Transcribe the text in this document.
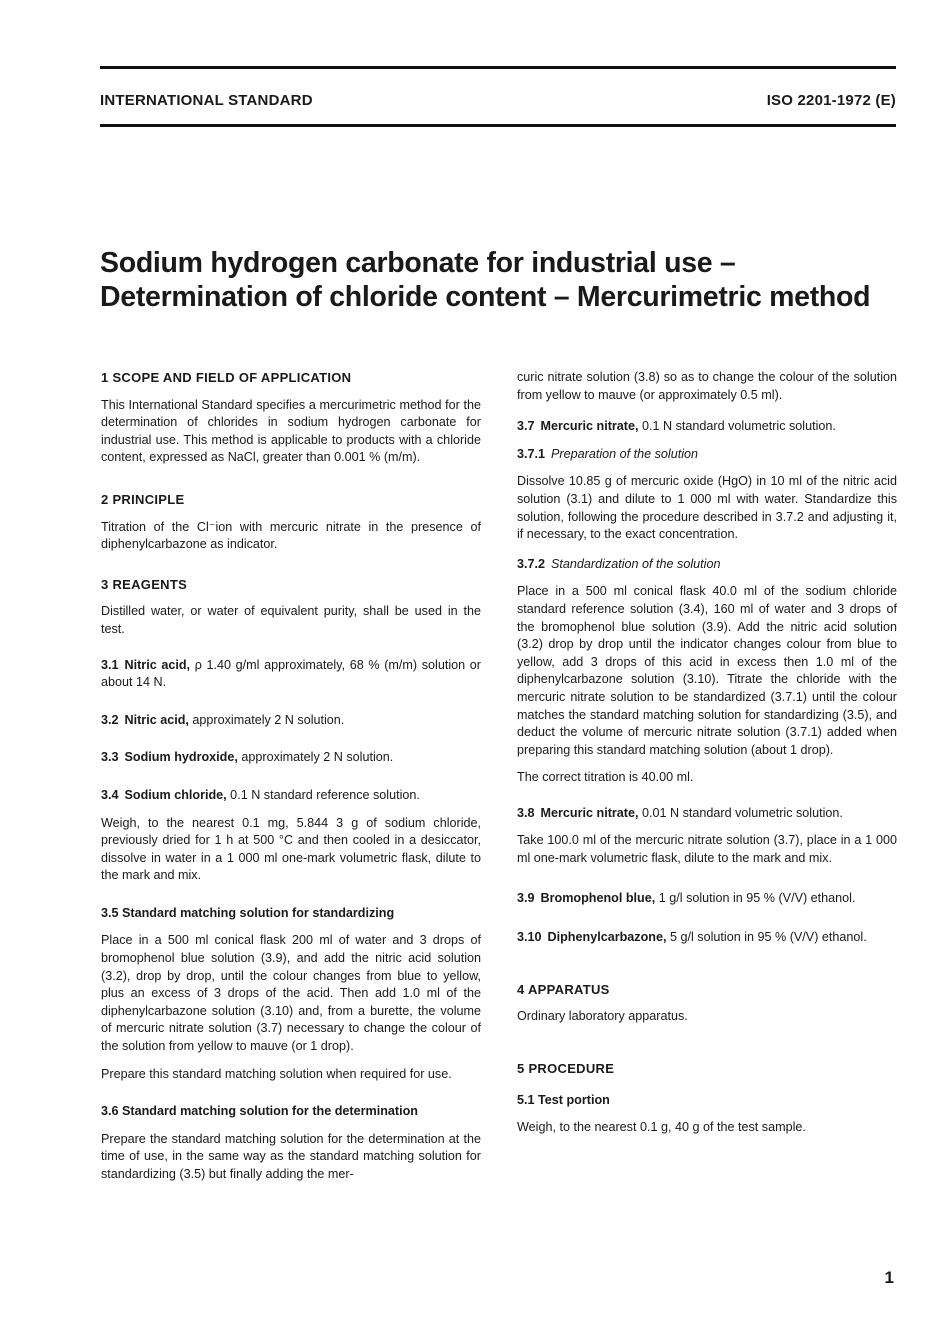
INTERNATIONAL STANDARD	ISO 2201-1972 (E)
Sodium hydrogen carbonate for industrial use –
Determination of chloride content – Mercurimetric method
1 SCOPE AND FIELD OF APPLICATION

This International Standard specifies a mercurimetric method for the determination of chlorides in sodium hydrogen carbonate for industrial use. This method is applicable to products with a chloride content, expressed as NaCl, greater than 0.001 % (m/m).

2 PRINCIPLE

Titration of the Cl⁻ion with mercuric nitrate in the presence of diphenylcarbazone as indicator.

3 REAGENTS

Distilled water, or water of equivalent purity, shall be used in the test.

3.1 Nitric acid, ρ 1.40 g/ml approximately, 68 % (m/m) solution or about 14 N.

3.2 Nitric acid, approximately 2 N solution.

3.3 Sodium hydroxide, approximately 2 N solution.

3.4 Sodium chloride, 0.1 N standard reference solution.

Weigh, to the nearest 0.1 mg, 5.844 3 g of sodium chloride, previously dried for 1 h at 500 °C and then cooled in a desiccator, dissolve in water in a 1 000 ml one-mark volumetric flask, dilute to the mark and mix.

3.5 Standard matching solution for standardizing

Place in a 500 ml conical flask 200 ml of water and 3 drops of bromophenol blue solution (3.9), and add the nitric acid solution (3.2), drop by drop, until the colour changes from blue to yellow, plus an excess of 3 drops of the acid. Then add 1.0 ml of the diphenylcarbazone solution (3.10) and, from a burette, the volume of mercuric nitrate solution (3.7) necessary to change the colour of the solution from yellow to mauve (or 1 drop).

Prepare this standard matching solution when required for use.

3.6 Standard matching solution for the determination

Prepare the standard matching solution for the determination at the time of use, in the same way as the standard matching solution for standardizing (3.5) but finally adding the mer-

curic nitrate solution (3.8) so as to change the colour of the solution from yellow to mauve (or approximately 0.5 ml).

3.7 Mercuric nitrate, 0.1 N standard volumetric solution.

3.7.1 Preparation of the solution

Dissolve 10.85 g of mercuric oxide (HgO) in 10 ml of the nitric acid solution (3.1) and dilute to 1 000 ml with water. Standardize this solution, following the procedure described in 3.7.2 and adjusting it, if necessary, to the exact concentration.

3.7.2 Standardization of the solution

Place in a 500 ml conical flask 40.0 ml of the sodium chloride standard reference solution (3.4), 160 ml of water and 3 drops of the bromophenol blue solution (3.9). Add the nitric acid solution (3.2) drop by drop until the indicator changes colour from blue to yellow, add 3 drops of this acid in excess then 1.0 ml of the diphenylcarbazone solution (3.10). Titrate the chloride with the mercuric nitrate solution to be standardized (3.7.1) until the colour matches the standard matching solution for standardizing (3.5), and deduct the volume of mercuric nitrate solution (3.7.1) added when preparing this standard matching solution (about 1 drop).

The correct titration is 40.00 ml.

3.8 Mercuric nitrate, 0.01 N standard volumetric solution.

Take 100.0 ml of the mercuric nitrate solution (3.7), place in a 1 000 ml one-mark volumetric flask, dilute to the mark and mix.

3.9 Bromophenol blue, 1 g/l solution in 95 % (V/V) ethanol.

3.10 Diphenylcarbazone, 5 g/l solution in 95 % (V/V) ethanol.

4 APPARATUS

Ordinary laboratory apparatus.

5 PROCEDURE
5.1 Test portion

Weigh, to the nearest 0.1 g, 40 g of the test sample.

1
